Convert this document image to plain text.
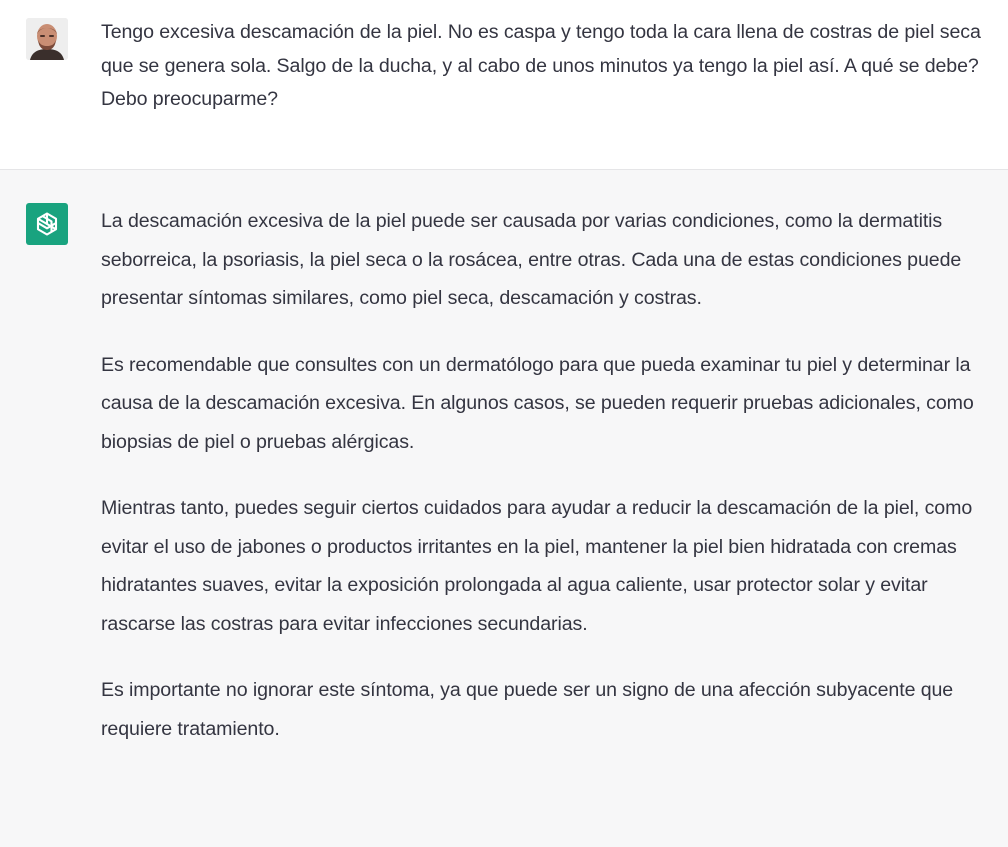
Tengo excesiva descamación de la piel. No es caspa y tengo toda la cara llena de costras de piel seca que se genera sola. Salgo de la ducha, y al cabo de unos minutos ya tengo la piel así. A qué se debe? Debo preocuparme?

La descamación excesiva de la piel puede ser causada por varias condiciones, como la dermatitis seborreica, la psoriasis, la piel seca o la rosácea, entre otras. Cada una de estas condiciones puede presentar síntomas similares, como piel seca, descamación y costras.

Es recomendable que consultes con un dermatólogo para que pueda examinar tu piel y determinar la causa de la descamación excesiva. En algunos casos, se pueden requerir pruebas adicionales, como biopsias de piel o pruebas alérgicas.

Mientras tanto, puedes seguir ciertos cuidados para ayudar a reducir la descamación de la piel, como evitar el uso de jabones o productos irritantes en la piel, mantener la piel bien hidratada con cremas hidratantes suaves, evitar la exposición prolongada al agua caliente, usar protector solar y evitar rascarse las costras para evitar infecciones secundarias.

Es importante no ignorar este síntoma, ya que puede ser un signo de una afección subyacente que requiere tratamiento.
